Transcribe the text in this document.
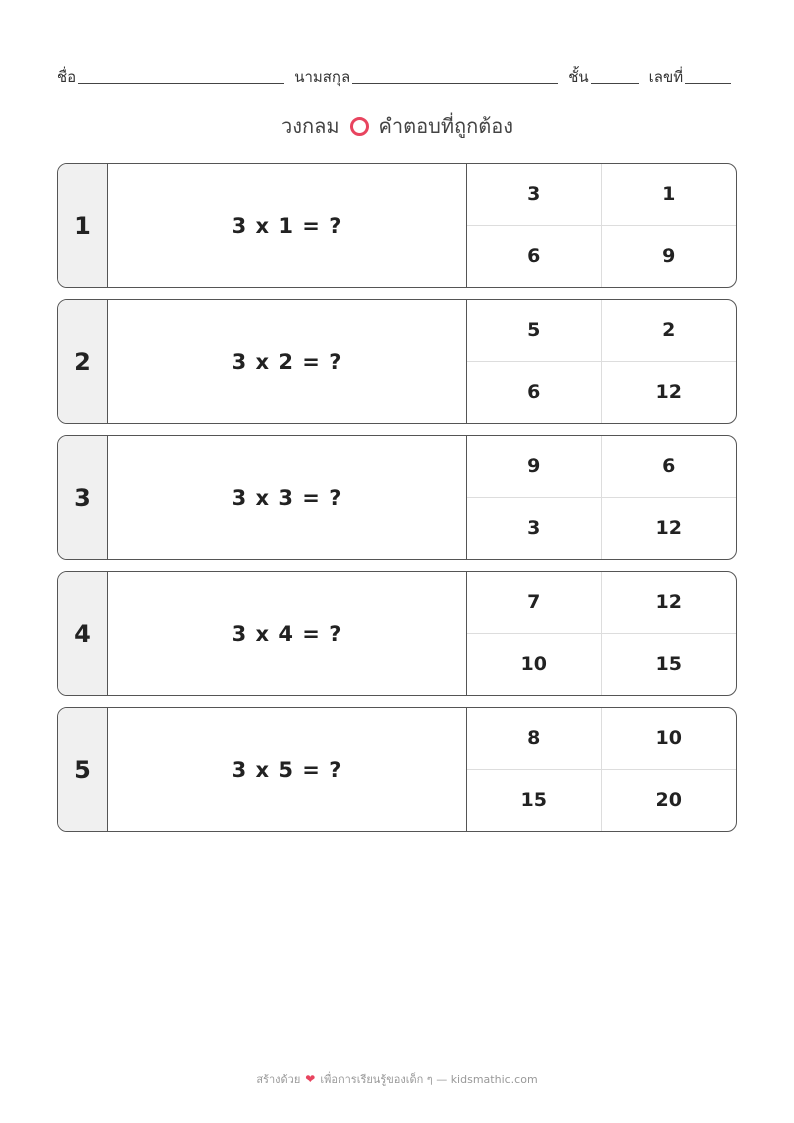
ชื่อ	นามสกุล	ชั้น	เลขที่
วงกลม คำตอบที่ถูกต้อง
1	3 x 1 = ?
3	1
6	9
2	3 x 2 = ?
5	2
6	12
3	3 x 3 = ?
9	6
3	12
4	3 x 4 = ?
7	12
10	15
5	3 x 5 = ?
8	10
15	20
สร้างด้วย ❤ เพื่อการเรียนรู้ของเด็ก ๆ — kidsmathic.com
